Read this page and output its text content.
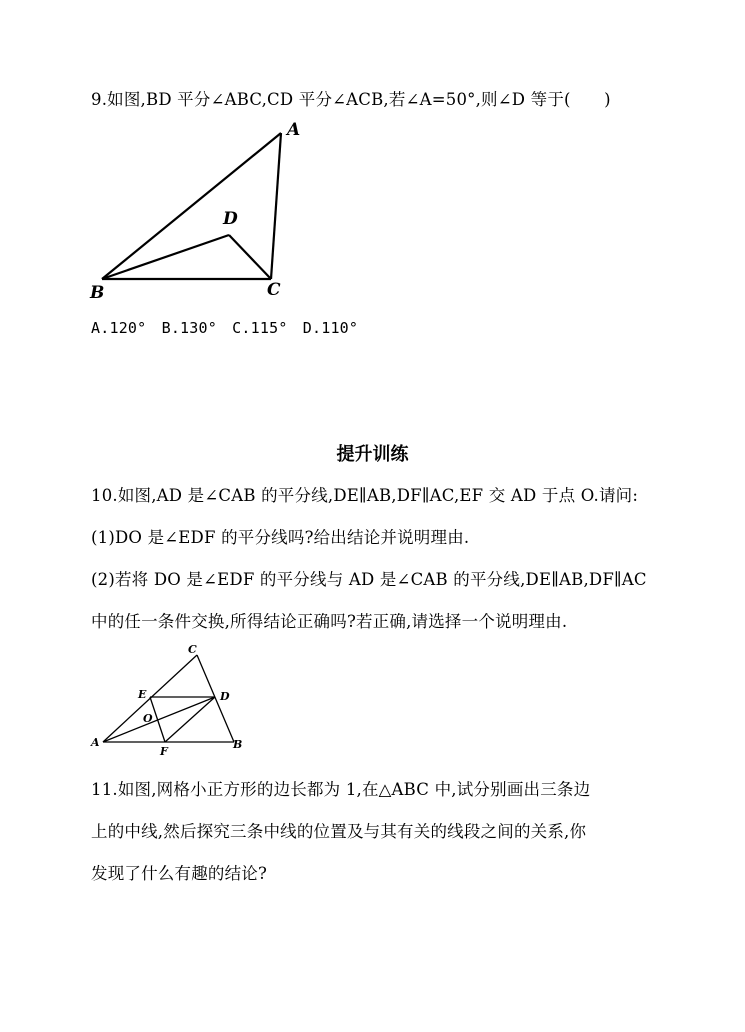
9.如图,BD 平分∠ABC,CD 平分∠ACB,若∠A=50°,则∠D 等于(　　)
A
B	C
D
A.120°　B.130°　C.115°　D.110°
提升训练
10.如图,AD 是∠CAB 的平分线,DE∥AB,DF∥AC,EF 交 AD 于点 O.请问:
(1)DO 是∠EDF 的平分线吗?给出结论并说明理由.
(2)若将 DO 是∠EDF 的平分线与 AD 是∠CAB 的平分线,DE∥AB,DF∥AC
中的任一条件交换,所得结论正确吗?若正确,请选择一个说明理由.
C
E	D
O
A
F
B
11.如图,网格小正方形的边长都为 1,在△ABC 中,试分别画出三条边
上的中线,然后探究三条中线的位置及与其有关的线段之间的关系,你
发现了什么有趣的结论?
